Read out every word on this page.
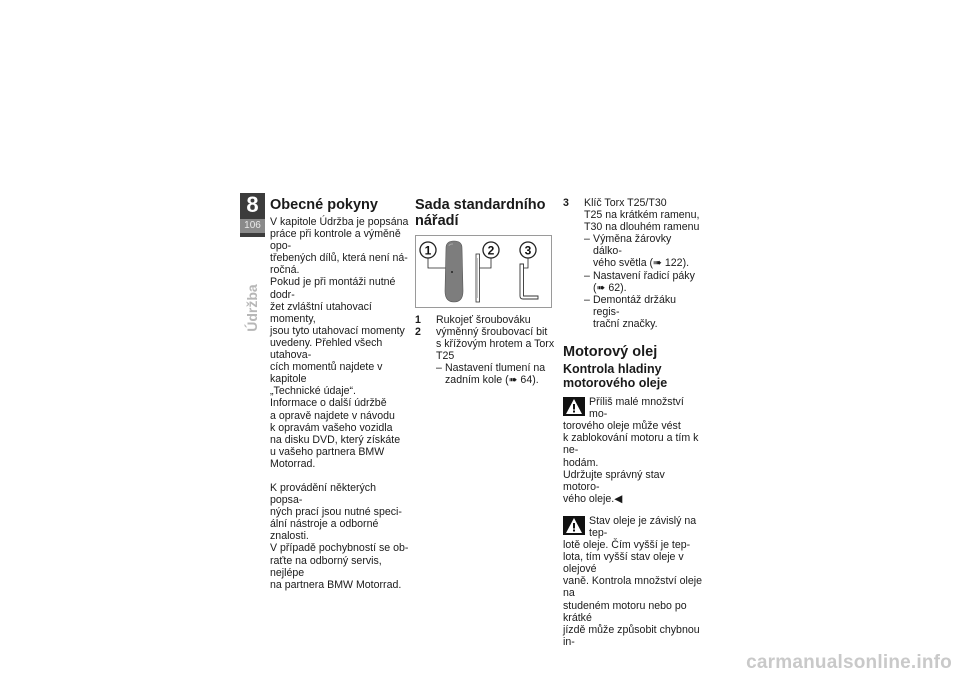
8
106
Údržba
Obecné pokyny

V kapitole Údržba je popsána

práce při kontrole a výměně opo-

třebených dílů, která není ná-

ročná.

Pokud je při montáži nutné dodr-

žet zvláštní utahovací momenty,

jsou tyto utahovací momenty

uvedeny. Přehled všech utahova-

cích momentů najdete v kapitole

„Technické údaje“.

Informace o další údržbě

a opravě najdete v návodu

k opravám vašeho vozidla

na disku DVD, který získáte

u vašeho partnera BMW

Motorrad.

K provádění některých popsa-

ných prací jsou nutné speci-

ální nástroje a odborné znalosti.

V případě pochybností se ob-

raťte na odborný servis, nejlépe

na partnera BMW Motorrad.

Sada standardního
nářadí
1	2	3
1	Rukojeť šroubováku
2	výměnný šroubovací bit

s křížovým hrotem a Torx

T25

– Nastavení tlumení na

zadním kole (➠ 64).

3	Klíč Torx T25/T30

T25 na krátkém ramenu,

T30 na dlouhém ramenu

– Výměna žárovky dálko-

vého světla (➠ 122).

– Nastavení řadicí páky

(➠ 62).

– Demontáž držáku regis-

trační značky.

Motorový olej
Kontrola hladiny
motorového oleje

Příliš malé množství mo-

torového oleje může vést

k zablokování motoru a tím k ne-

hodám.

Udržujte správný stav motoro-

vého oleje.◀

Stav oleje je závislý na tep-

lotě oleje. Čím vyšší je tep-

lota, tím vyšší stav oleje v olejové

vaně. Kontrola množství oleje na

studeném motoru nebo po krátké

jízdě může způsobit chybnou in-

carmanualsonline.info
